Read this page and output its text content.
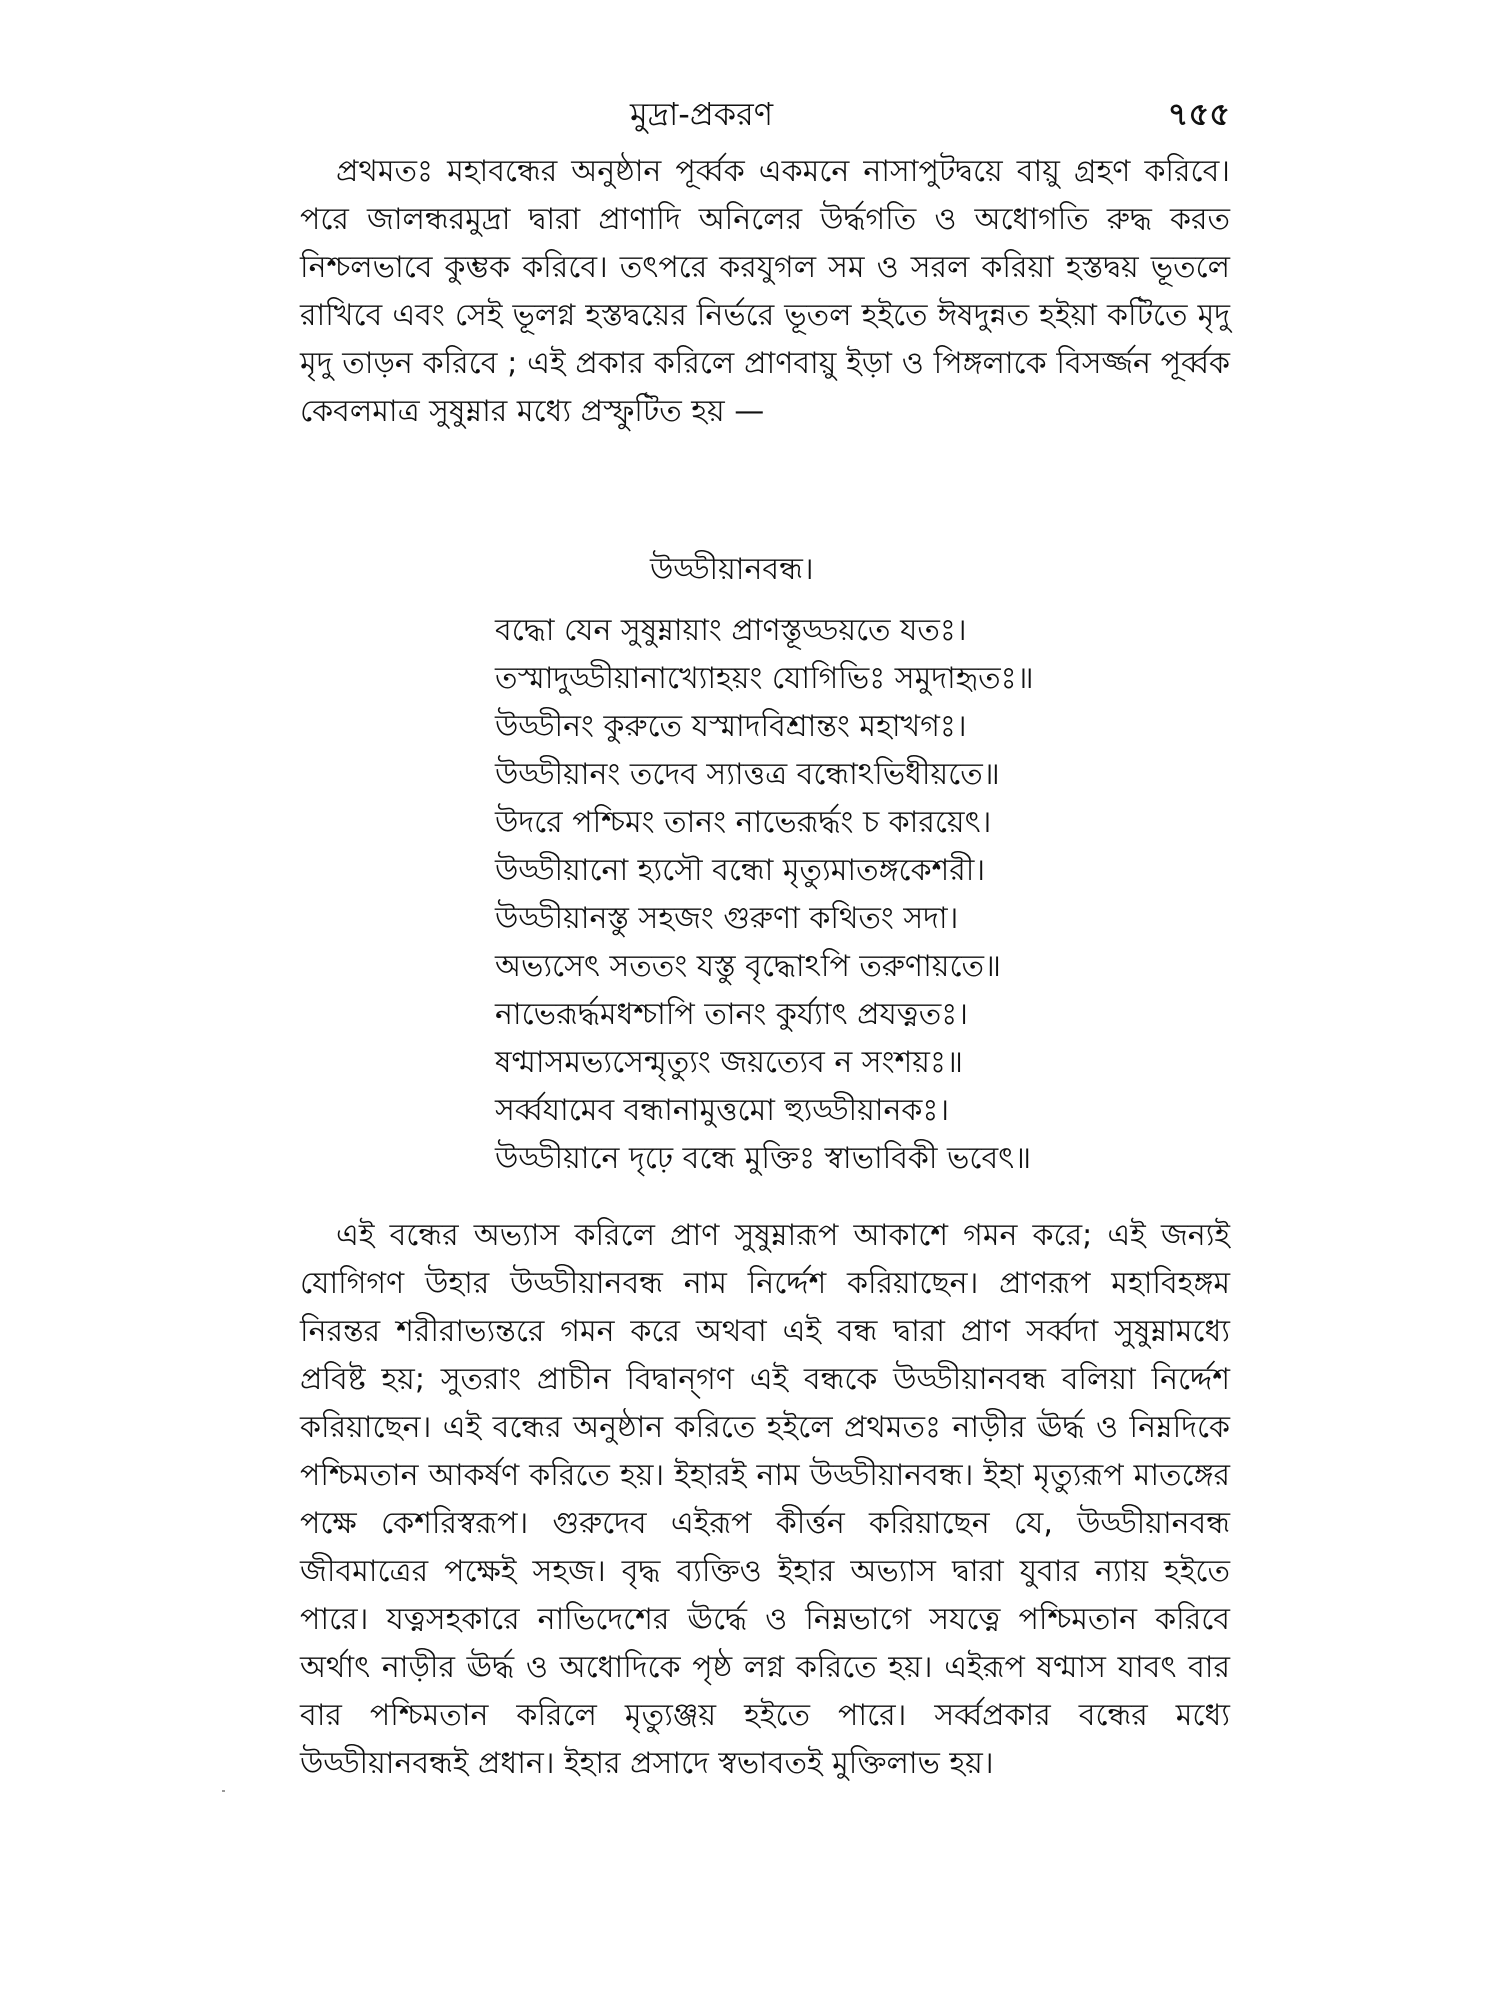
মুদ্রা-প্রকরণ	৭৫৫

প্রথমতঃ মহাবন্ধের অনুষ্ঠান পূর্ব্বক একমনে নাসাপুটদ্বয়ে বায়ু গ্রহণ করিবে। পরে জালন্ধরমুদ্রা দ্বারা প্রাণাদি অনিলের উৰ্দ্ধগতি ও অধোগতি রুদ্ধ করত নিশ্চলভাবে কুম্ভক করিবে। তৎপরে করযুগল সম ও সরল করিয়া হস্তদ্বয় ভূতলে রাখিবে এবং সেই ভূলগ্ন হস্তদ্বয়ের নির্ভরে ভূতল হইতে ঈষদুন্নত হইয়া কটিতে মৃদু মৃদু তাড়ন করিবে ; এই প্রকার করিলে প্রাণবায়ু ইড়া ও পিঙ্গলাকে বিসর্জ্জন পূর্ব্বক কেবলমাত্র সুষুম্নার মধ্যে প্রস্ফুটিত হয় —

উড্ডীয়ানবন্ধ।
বদ্ধো যেন সুষুম্নায়াং প্রাণস্তূড্ডয়তে যতঃ।
তস্মাদুড্ডীয়ানাখ্যোহয়ং যোগিভিঃ সমুদাহৃতঃ॥
উড্ডীনং কুরুতে যস্মাদবিশ্রান্তং মহাখগঃ।
উড্ডীয়ানং তদেব স্যাত্তত্র বন্ধোঽভিধীয়তে॥
উদরে পশ্চিমং তানং নাভেরূর্দ্ধং চ কারয়েৎ।
উড্ডীয়ানো হ্যসৌ বন্ধো মৃত্যুমাতঙ্গকেশরী।
উড্ডীয়ানস্তু সহজং গুরুণা কথিতং সদা।
অভ্যসেৎ সততং যস্তু বৃদ্ধোঽপি তরুণায়তে॥
নাভেরূর্দ্ধমধশ্চাপি তানং কুর্য্যাৎ প্রযত্নতঃ।
ষণ্মাসমভ্যসেন্মৃত্যুং জয়ত্যেব ন সংশয়ঃ॥
সর্ব্বযামেব বন্ধানামুত্তমো হ্যুড্ডীয়ানকঃ।
উড্ডীয়ানে দৃঢ়ে বন্ধে মুক্তিঃ স্বাভাবিকী ভবেৎ॥

এই বন্ধের অভ্যাস করিলে প্রাণ সুষুম্নারূপ আকাশে গমন করে; এই জন্যই যোগিগণ উহার উড্ডীয়ানবন্ধ নাম নির্দ্দেশ করিয়াছেন। প্রাণরূপ মহাবিহঙ্গম নিরন্তর শরীরাভ্যন্তরে গমন করে অথবা এই বন্ধ দ্বারা প্রাণ সর্ব্বদা সুষুম্নামধ্যে প্রবিষ্ট হয়; সুতরাং প্রাচীন বিদ্বান্‌গণ এই বন্ধকে উড্ডীয়ানবন্ধ বলিয়া নির্দ্দেশ করিয়াছেন। এই বন্ধের অনুষ্ঠান করিতে হইলে প্রথমতঃ নাড়ীর ঊর্দ্ধ ও নিম্নদিকে পশ্চিমতান আকর্ষণ করিতে হয়। ইহারই নাম উড্ডীয়ানবন্ধ। ইহা মৃত্যুরূপ মাতঙ্গের পক্ষে কেশরিস্বরূপ। গুরুদেব এইরূপ কীর্ত্তন করিয়াছেন যে, উড্ডীয়ানবন্ধ জীবমাত্রের পক্ষেই সহজ। বৃদ্ধ ব্যক্তিও ইহার অভ্যাস দ্বারা যুবার ন্যায় হইতে পারে। যত্নসহকারে নাভিদেশের ঊর্দ্ধে ও নিম্নভাগে সযত্নে পশ্চিমতান করিবে অর্থাৎ নাড়ীর ঊর্দ্ধ ও অধোদিকে পৃষ্ঠ লগ্ন করিতে হয়। এইরূপ ষণ্মাস যাবৎ বার বার পশ্চিমতান করিলে মৃত্যুঞ্জয় হইতে পারে। সর্ব্বপ্রকার বন্ধের মধ্যে উড্ডীয়ানবন্ধই প্রধান। ইহার প্রসাদে স্বভাবতই মুক্তিলাভ হয়।
